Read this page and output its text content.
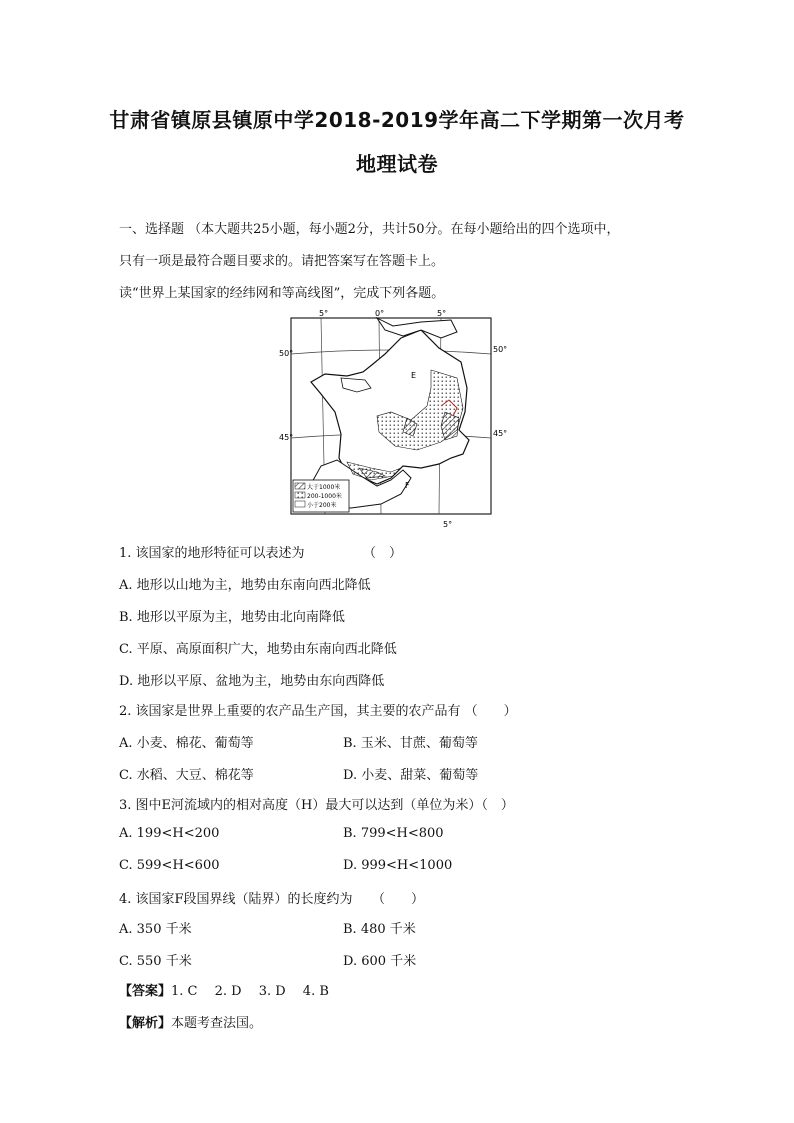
甘肃省镇原县镇原中学2018-2019学年高二下学期第一次月考
地理试卷
一、选择题 （本大题共25小题，每小题2分，共计50分。在每小题给出的四个选项中，
只有一项是最符合题目要求的。请把答案写在答题卡上。
读“世界上某国家的经纬网和等高线图”，完成下列各题。
5°	0°	5°
5°
50°	50°
45°	45°
E
F
大于1000米
200-1000米
小于200米
1. 该国家的地形特征可以表述为　　　　　（　）
A. 地形以山地为主，地势由东南向西北降低
B. 地形以平原为主，地势由北向南降低
C. 平原、高原面积广大，地势由东南向西北降低
D. 地形以平原、盆地为主，地势由东向西降低
2. 该国家是世界上重要的农产品生产国，其主要的农产品有 （　　）
A. 小麦、棉花、葡萄等	B. 玉米、甘蔗、葡萄等
C. 水稻、大豆、棉花等	D. 小麦、甜菜、葡萄等
3. 图中E河流域内的相对高度（H）最大可以达到（单位为米）（　）
A. 199<H<200	B. 799<H<800
C. 599<H<600	D. 999<H<1000
4. 该国家F段国界线（陆界）的长度约为　　（　　）
A. 350 千米	B. 480 千米
C. 550 千米	D. 600 千米
【答案】1. C　 2. D　 3. D　 4. B
【解析】本题考查法国。
